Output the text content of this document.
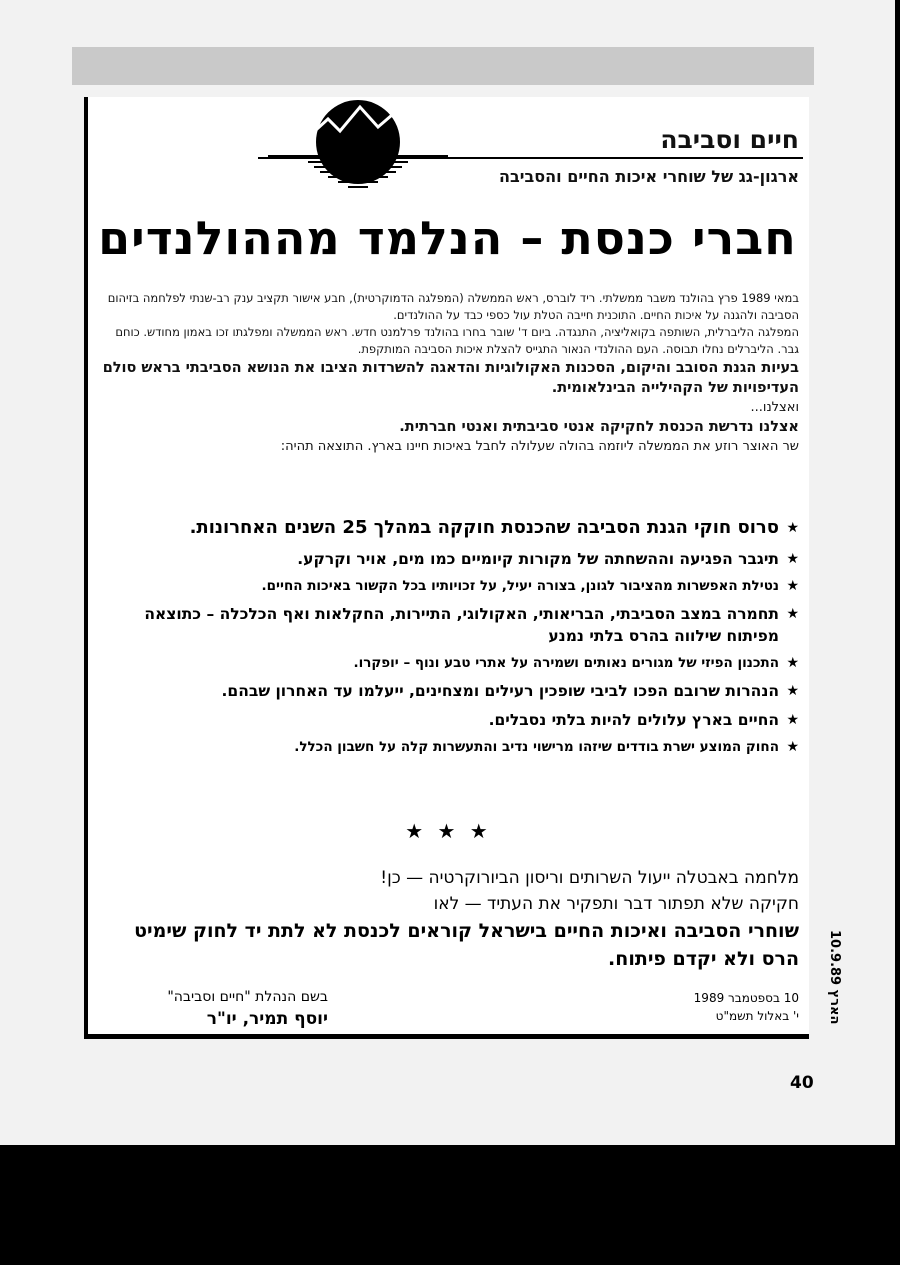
חיים וסביבה
ארגון-גג של שוחרי איכות החיים והסביבה
חברי כנסת – הנלמד מההולנדים

במאי 1989 פרץ בהולנד משבר ממשלתי. ריד לוברס, ראש הממשלה (המפלגה הדמוקרטית), חבע אישור תקציב ענק רב-שנתי לפלחמה בזיהום הסביבה ולהגנה על איכות החיים. התוכנית חייבה הטלת עול כספי כבד על ההולנדים.

המפלגה הליברלית, השותפה בקואליציה, התנגדה. ביום ד' שובר בחרו בהולנד פרלמנט חדש. ראש הממשלה ומפלגתו זכו באמון מחודש. כוחם גבר. הליברלים נחלו תבוסה. העם ההולנדי הנאור התגייס להצלת איכות הסביבה המותקפת.

בעיות הגנת הסובב והיקום, הסכנות האקולוגיות והדאגה להשרדות הציבו את הנושא הסביבתי בראש סולם העדיפויות של הקהילייה הבינלאומית.

ואצלנו...

אצלנו נדרשת הכנסת לחקיקה אנטי סביבתית ואנטי חברתית.

שר האוצר רוזע את הממשלה ליוזמה בהולה שעלולה לחבל באיכות חיינו בארץ. התוצאה תהיה:

★
סרוס חוקי הגנת הסביבה שהכנסת חוקקה במהלך 25 השנים האחרונות.
★
תיגבר הפגיעה וההשחתה של מקורות קיומיים כמו מים, אויר וקרקע.
★
נטילת האפשרות מהציבור לגונן, בצורה יעיל, על זכויותיו בכל הקשור באיכות החיים.
★
תחמרה במצב הסביבתי, הבריאותי, האקולוגי, התיירות, החקלאות ואף הכלכלה – כתוצאה מפיתוח שילווה בהרס בלתי נמנע
★
התכנון הפיזי של מגורים נאותים ושמירה על אתרי טבע ונוף – יופקרו.
★
הנהרות שרובם הפכו לביבי שופכין רעילים ומצחינים, ייעלמו עד האחרון שבהם.
★
החיים בארץ עלולים להיות בלתי נסבלים.
★
החוק המוצע ישרת בודדים שיזהו מרישוי נדיב והתעשרות קלה על חשבון הכלל.
★ ★ ★

מלחמה באבטלה ייעול השרותים וריסון הביורוקרטיה — כן!

חקיקה שלא תפתור דבר ותפקיר את העתיד — לאו

שוחרי הסביבה ואיכות החיים בישראל קוראים לכנסת לא לתת יד לחוק שימיט הרס ולא יקדם פיתוח.

בשם הנהלת "חיים וסביבה"
יוסף תמיר, יו"ר
10 בספטמבר 1989
י' באלול תשמ"ט
הארץ 10.9.89
40
